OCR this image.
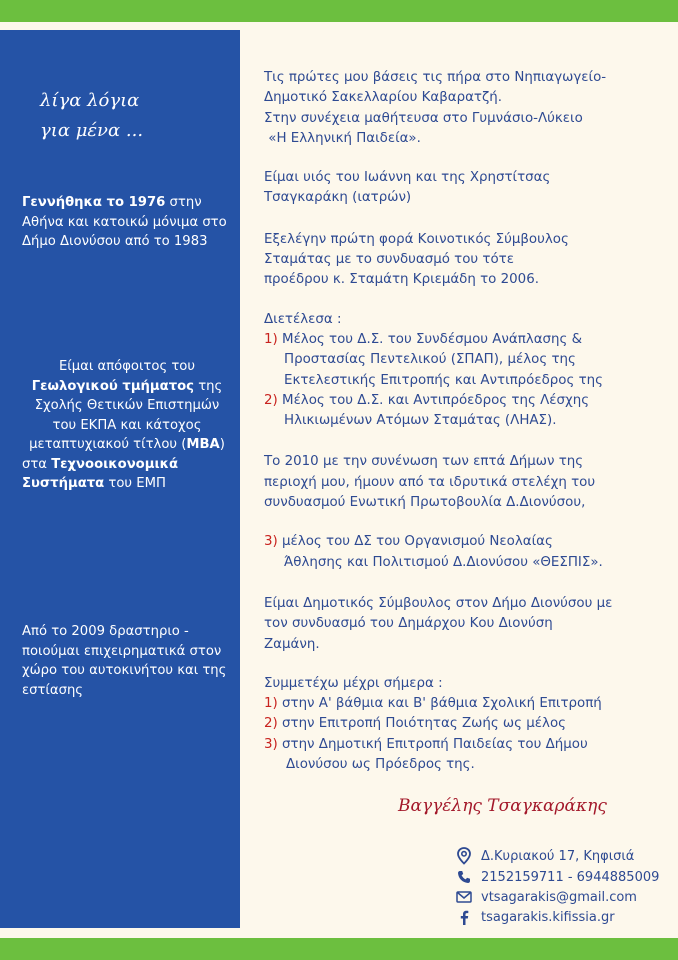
λίγα λόγια
για μένα ...
Γεννήθηκα το 1976 στην Αθήνα και κατοικώ μόνιμα στο Δήμο Διονύσου από το 1983
Είμαι απόφοιτος του
Γεωλογικού τμήματος της Σχολής Θετικών Επιστημών του ΕΚΠΑ και κάτοχος μεταπτυχιακού τίτλου (MBA)
στα Τεχνοοικονομικά Συστήματα του ΕΜΠ
Από το 2009 δραστηριο - ποιούμαι επιχειρηματικά στον χώρο του αυτοκινήτου και της εστίασης

Τις πρώτες μου βάσεις τις πήρα στο Νηπιαγωγείο-
Δημοτικό Σακελλαρίου Καβαρατζή.
Στην συνέχεια μαθήτευσα στο Γυμνάσιο-Λύκειο
«Η Ελληνική Παιδεία».

Είμαι υιός του Ιωάννη και της Χρηστίτσας
Τσαγκαράκη (ιατρών)

Εξελέγην πρώτη φορά Κοινοτικός Σύμβουλος
Σταμάτας με το συνδυασμό του τότε
προέδρου κ. Σταμάτη Κριεμάδη το 2006.

Διετέλεσα :

1) Μέλος του Δ.Σ. του Συνδέσμου Ανάπλασης &
Προστασίας Πεντελικού (ΣΠΑΠ), μέλος της
Εκτελεστικής Επιτροπής και Αντιπρόεδρος της

2) Μέλος του Δ.Σ. και Αντιπρόεδρος της Λέσχης
Ηλικιωμένων Ατόμων Σταμάτας (ΛΗΑΣ).

Το 2010 με την συνένωση των επτά Δήμων της
περιοχή μου, ήμουν από τα ιδρυτικά στελέχη του
συνδυασμού Ενωτική Πρωτοβουλία Δ.Διονύσου,

3) μέλος του ΔΣ του Οργανισμού Νεολαίας
Άθλησης και Πολιτισμού Δ.Διονύσου «ΘΕΣΠΙΣ».

Είμαι Δημοτικός Σύμβουλος στον Δήμο Διονύσου με
τον συνδυασμό του Δημάρχου Κου Διονύση
Ζαμάνη.

Συμμετέχω μέχρι σήμερα :

1) στην Α' βάθμια και Β' βάθμια Σχολική Επιτροπή

2) στην Επιτροπή Ποιότητας Ζωής ως μέλος

3) στην Δημοτική Επιτροπή Παιδείας του Δήμου
Διονύσου ως Πρόεδρος της.

Βαγγέλης Τσαγκαράκης
Δ.Κυριακού 17, Κηφισιά
2152159711 - 6944885009
vtsagarakis@gmail.com
tsagarakis.kifissia.gr
